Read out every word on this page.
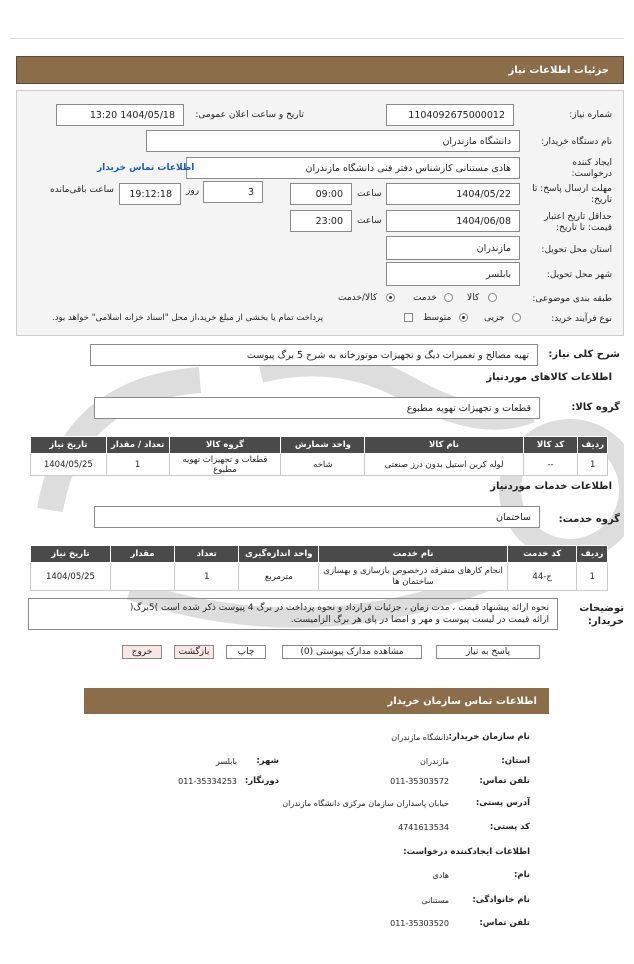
جزئیات اطلاعات نیاز
شماره نیاز:
1104092675000012
تاریخ و ساعت اعلان عمومی:
1404/05/18 13:20
نام دستگاه خریدار:
دانشگاه مازندران
ایجاد کننده درخواست:
هادی مستنانی کارشناس دفتر فنی دانشگاه مازندران
اطلاعات تماس خریدار
مهلت ارسال پاسخ: تا تاریخ:
1404/05/22
ساعت
09:00
3
روز
19:12:18
ساعت باقی‌مانده
حداقل تاریخ اعتبار قیمت: تا تاریخ:
1404/06/08
ساعت
23:00
استان محل تحویل:
مازندران
شهر محل تحویل:
بابلسر
طبقه بندی موضوعی:
کالا
خدمت
کالا/خدمت
نوع فرآیند خرید:
جزیی
متوسط
پرداخت تمام یا بخشی از مبلغ خرید،از محل "اسناد خزانه اسلامی" خواهد بود.
شرح کلی نیاز:
تهیه مصالح و تعمیرات دیگ و تجهیزات موتورخانه به شرح 5 برگ پیوست
اطلاعات کالاهای موردنیاز
گروه کالا:
قطعات و تجهیزات تهویه مطبوع
ردیف	کد کالا	نام کالا	واحد شمارش	گروه کالا	تعداد / مقدار	تاریخ نیاز
1	--	لوله کربن استیل بدون درز صنعتی	شاخه	قطعات و تجهیزات تهویه مطبوع	1	1404/05/25
اطلاعات خدمات موردنیاز
گروه خدمت:
ساختمان
ردیف	کد خدمت	نام خدمت	واحد اندازه‌گیری	تعداد	مقدار	تاریخ نیاز
1	ج-44	انجام کارهای متفرقه درخصوص بازسازی و بهسازی ساختمان ها	مترمربع	1		1404/05/25
توضیحات خریدار:
نحوه ارائه پیشنهاد قیمت ، مدت زمان ، جزئیات قرارداد و نحوه پرداخت در برگ 4 پیوست ذکر شده است )5برگ(
ارائه قیمت در لیست پیوست و مهر و امضا در پای هر برگ الزامیست.
پاسخ به نیاز
مشاهده مدارک پیوستی (0)
چاپ
بازگشت
خروج
اطلاعات تماس سازمان خریدار
نام سازمان خریدار:
دانشگاه مازندران
استان:
مازندران
شهر:
بابلسر
تلفن تماس:
011-35303572
دورنگار:
011-35334253
آدرس پستی:
خیابان پاسداران سازمان مرکزی دانشگاه مازندران
کد پستی:
4741613534
اطلاعات ایجادکننده درخواست:
نام:
هادی
نام خانوادگی:
مستنانی
تلفن تماس:
011-35303520
